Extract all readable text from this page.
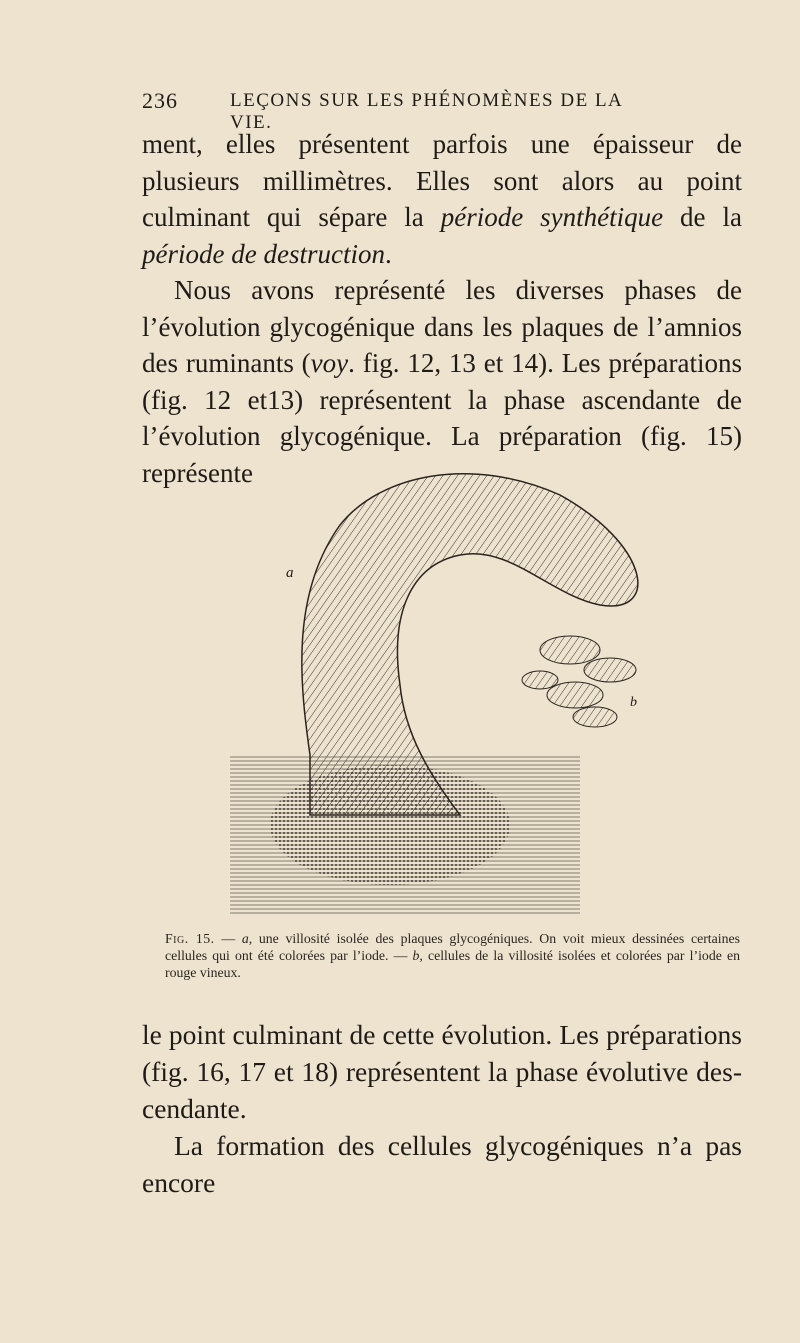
236	LEÇONS SUR LES PHÉNOMÈNES DE LA VIE.

ment, elles présentent parfois une épaisseur de plusieurs millimètres. Elles sont alors au point culminant qui sépare la période synthétique de la période de destruction.

Nous avons représenté les diverses phases de l’évolution glycogénique dans les plaques de l’amnios des ruminants (voy. fig. 12, 13 et 14). Les préparations (fig. 12 et13) représentent la phase ascendante de l’évolution glycogénique. La préparation (fig. 15) représente

a
b
Fig. 15. — a, une villosité isolée des plaques glycogéniques. On voit mieux dessinées certaines cellules qui ont été colorées par l’iode. — b, cellules de la villosité isolées et colorées par l’iode en rouge vineux.

le point culminant de cette évolution. Les préparations (fig. 16, 17 et 18) représentent la phase évolutive descendante.

La formation des cellules glycogéniques n’a pas encore
